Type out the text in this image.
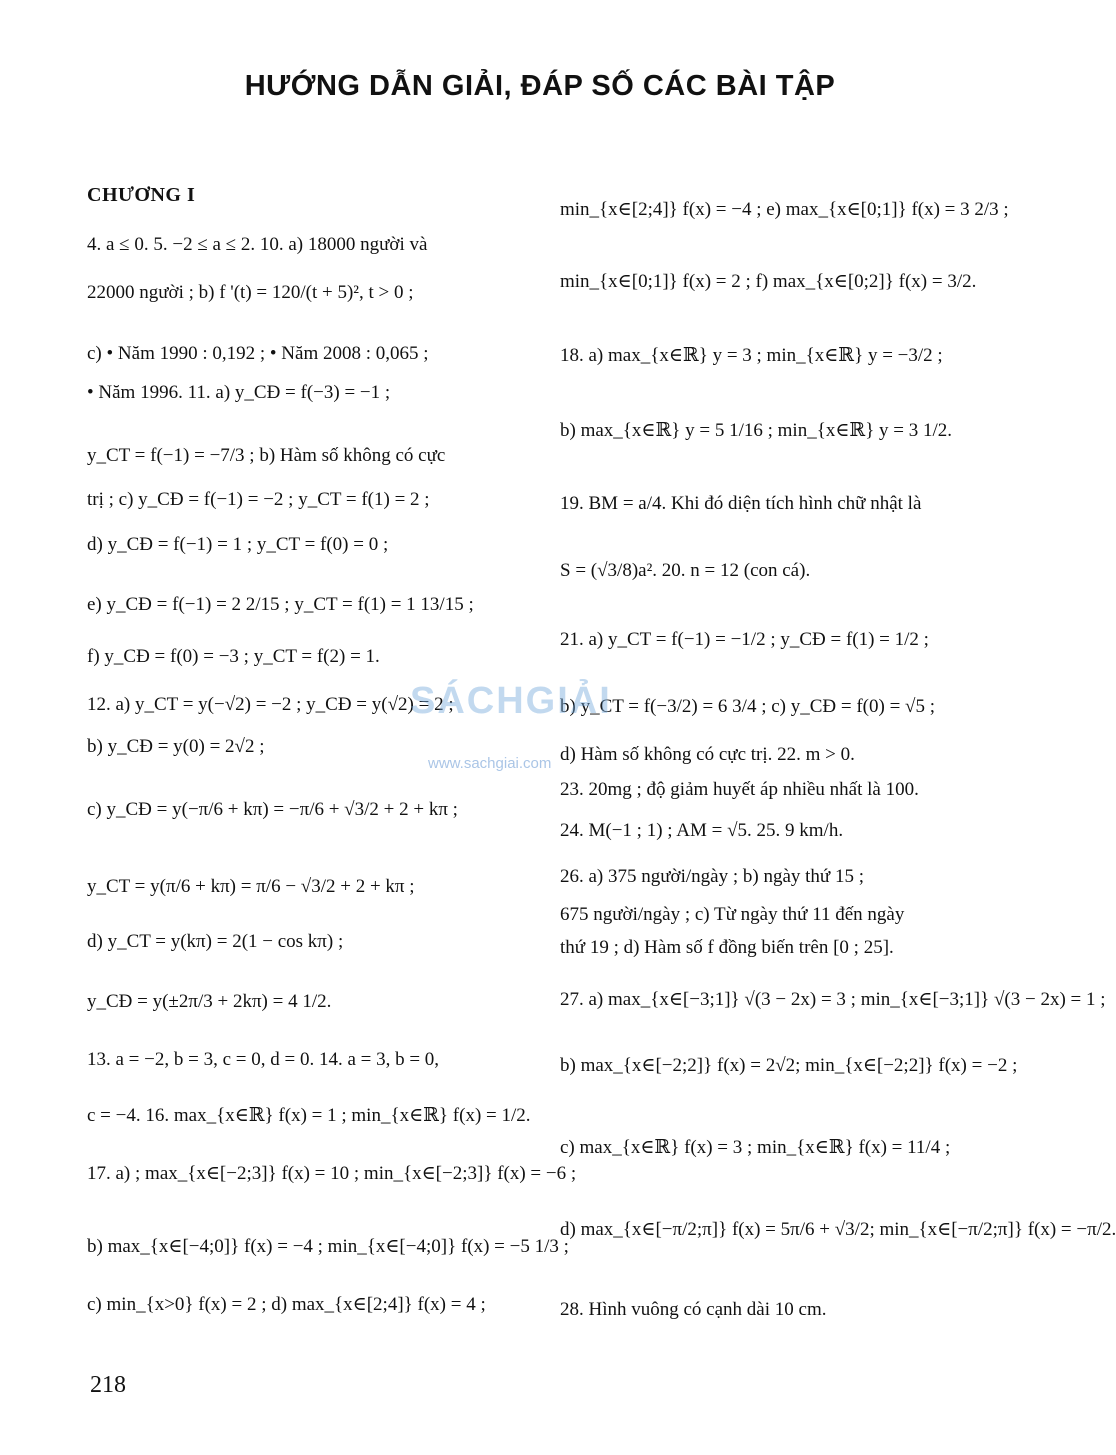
HƯỚNG DẪN GIẢI, ĐÁP SỐ CÁC BÀI TẬP
CHƯƠNG I
4. a ≤ 0. 5. −2 ≤ a ≤ 2. 10. a) 18000 người và
22000 người ; b) f '(t) = 120/(t + 5)², t > 0 ;
c) • Năm 1990 : 0,192 ; • Năm 2008 : 0,065 ;
• Năm 1996. 11. a) y_CĐ = f(−3) = −1 ;
y_CT = f(−1) = −7/3 ; b) Hàm số không có cực
trị ; c) y_CĐ = f(−1) = −2 ; y_CT = f(1) = 2 ;
d) y_CĐ = f(−1) = 1 ; y_CT = f(0) = 0 ;
e) y_CĐ = f(−1) = 2 2/15 ; y_CT = f(1) = 1 13/15 ;
f) y_CĐ = f(0) = −3 ; y_CT = f(2) = 1.
12. a) y_CT = y(−√2) = −2 ; y_CĐ = y(√2) = 2 ;
b) y_CĐ = y(0) = 2√2 ;
c) y_CĐ = y(−π/6 + kπ) = −π/6 + √3/2 + 2 + kπ ;
y_CT = y(π/6 + kπ) = π/6 − √3/2 + 2 + kπ ;
d) y_CT = y(kπ) = 2(1 − cos kπ) ;
y_CĐ = y(±2π/3 + 2kπ) = 4 1/2.
13. a = −2, b = 3, c = 0, d = 0. 14. a = 3, b = 0,
c = −4. 16. max_{x∈ℝ} f(x) = 1 ; min_{x∈ℝ} f(x) = 1/2.
17. a) ; max_{x∈[−2;3]} f(x) = 10 ; min_{x∈[−2;3]} f(x) = −6 ;
b) max_{x∈[−4;0]} f(x) = −4 ; min_{x∈[−4;0]} f(x) = −5 1/3 ;
c) min_{x>0} f(x) = 2 ; d) max_{x∈[2;4]} f(x) = 4 ;
min_{x∈[2;4]} f(x) = −4 ; e) max_{x∈[0;1]} f(x) = 3 2/3 ;
min_{x∈[0;1]} f(x) = 2 ; f) max_{x∈[0;2]} f(x) = 3/2.
18. a) max_{x∈ℝ} y = 3 ; min_{x∈ℝ} y = −3/2 ;
b) max_{x∈ℝ} y = 5 1/16 ; min_{x∈ℝ} y = 3 1/2.
19. BM = a/4. Khi đó diện tích hình chữ nhật là
S = (√3/8)a². 20. n = 12 (con cá).
21. a) y_CT = f(−1) = −1/2 ; y_CĐ = f(1) = 1/2 ;
b) y_CT = f(−3/2) = 6 3/4 ; c) y_CĐ = f(0) = √5 ;
d) Hàm số không có cực trị. 22. m > 0.
23. 20mg ; độ giảm huyết áp nhiều nhất là 100.
24. M(−1 ; 1) ; AM = √5. 25. 9 km/h.
26. a) 375 người/ngày ; b) ngày thứ 15 ;
675 người/ngày ; c) Từ ngày thứ 11 đến ngày
thứ 19 ; d) Hàm số f đồng biến trên [0 ; 25].
27. a) max_{x∈[−3;1]} √(3 − 2x) = 3 ; min_{x∈[−3;1]} √(3 − 2x) = 1 ;
b) max_{x∈[−2;2]} f(x) = 2√2; min_{x∈[−2;2]} f(x) = −2 ;
c) max_{x∈ℝ} f(x) = 3 ; min_{x∈ℝ} f(x) = 11/4 ;
d) max_{x∈[−π/2;π]} f(x) = 5π/6 + √3/2; min_{x∈[−π/2;π]} f(x) = −π/2.
28. Hình vuông có cạnh dài 10 cm.
218
SÁCHGIẢI
www.sachgiai.com
